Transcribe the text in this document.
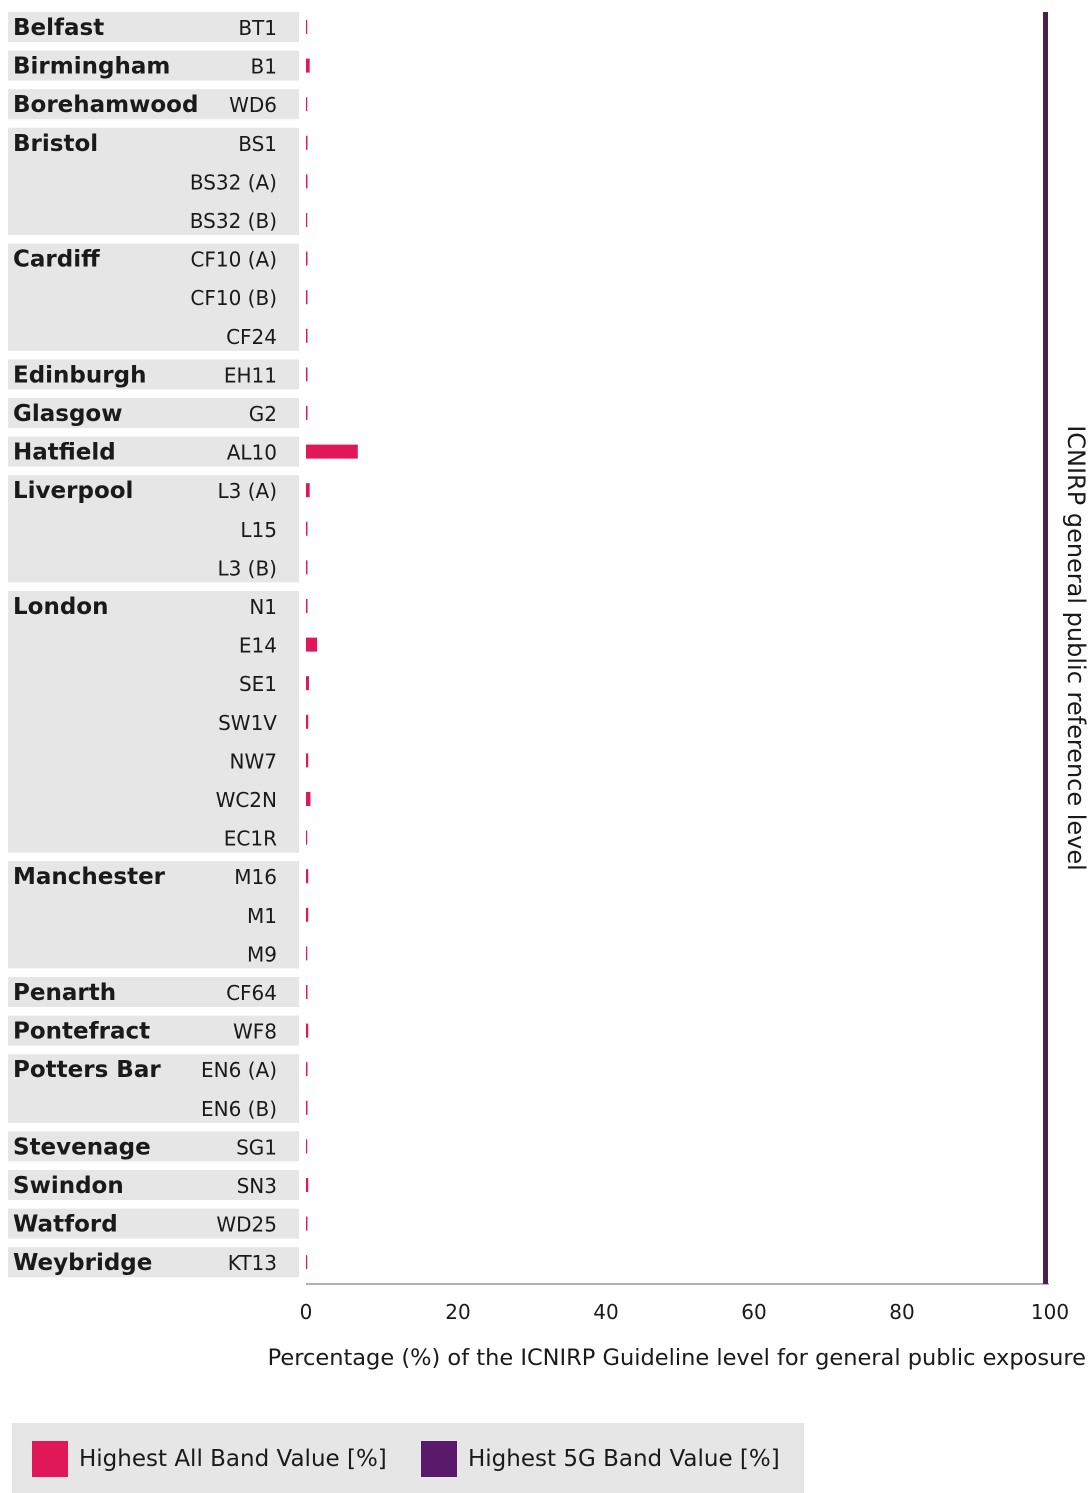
Belfast	BT1
Birmingham	B1
Borehamwood WD6
Bristol	BS1
BS32 (A)
BS32 (B)
Cardiff	CF10 (A)
CF10 (B)
CF24
Edinburgh	EH11
Glasgow	G2
Hatfield	AL10
Liverpool	L3 (A)
L15
L3 (B)
London	N1
E14
SE1
SW1V
NW7
WC2N
EC1R
Manchester	M16
M1
M9
Penarth	CF64
Pontefract	WF8
Potters Bar EN6 (A)
EN6 (B)
Stevenage	SG1
Swindon	SN3
Watford	WD25
Weybridge	KT13
ICNIRP general public reference level
0	20	40	60	80	100
Percentage (%) of the ICNIRP Guideline level for general public exposure
Highest All Band Value [%]	Highest 5G Band Value [%]
